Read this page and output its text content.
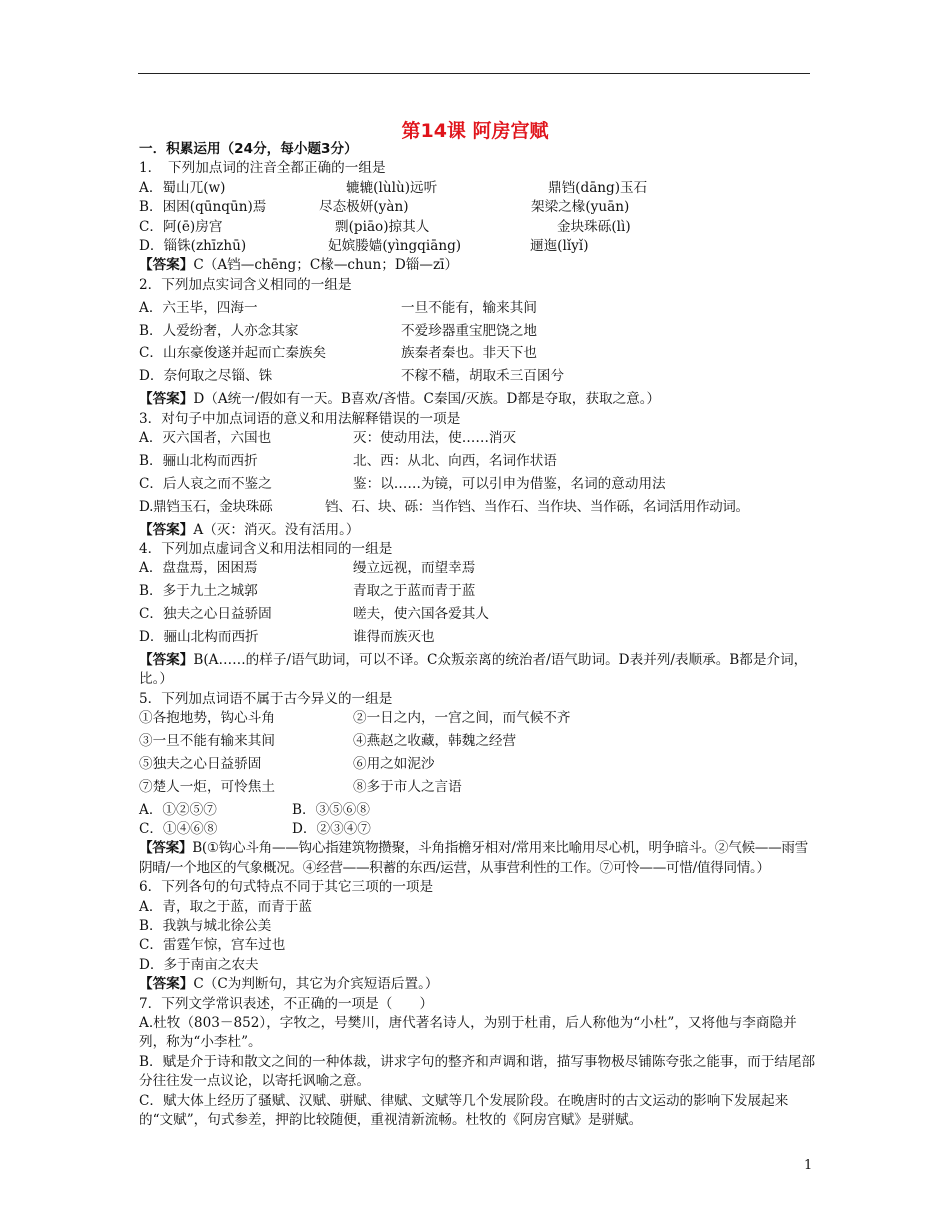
第14课 阿房宫赋
一．积累运用（24分，每小题3分）
1．　下列加点词的注音全都正确的一组是
A．蜀山兀(w)	辘辘(lùlù)远听	鼎铛(dāng)玉石
B．困困(qūnqūn)焉	尽态极妍(yàn)	架梁之椽(yuān)
C．阿(ē)房宫	剽(piāo)掠其人	金块珠砾(lì)
D．锱铢(zhīzhū)	妃嫔媵嫱(yìngqiāng)	逦迤(lǐyǐ)
【答案】C（A铛—chēng；C椽—chun；D锱—zī）
2．下列加点实词含义相同的一组是
A．六王毕，四海一	一旦不能有，输来其间
B．人爱纷奢，人亦念其家	不爱珍器重宝肥饶之地
C．山东豪俊遂并起而亡秦族矣	族秦者秦也。非天下也
D．奈何取之尽锱、铢	不稼不穑，胡取禾三百囷兮
【答案】D（A统一/假如有一天。B喜欢/吝惜。C秦国/灭族。D都是夺取，获取之意。）
3．对句子中加点词语的意义和用法解释错误的一项是
A．灭六国者，六国也	灭：使动用法，使……消灭
B．骊山北构而西折	北、西：从北、向西，名词作状语
C．后人哀之而不鉴之	鉴：以……为镜，可以引申为借鉴，名词的意动用法
D.鼎铛玉石，金块珠砾	铛、石、块、砾：当作铛、当作石、当作块、当作砾，名词活用作动词。
【答案】A（灭：消灭。没有活用。）
4．下列加点虚词含义和用法相同的一组是
A．盘盘焉，困困焉	缦立远视，而望幸焉
B．多于九土之城郭	青取之于蓝而青于蓝
C．独夫之心日益骄固	嗟夫，使六国各爱其人
D．骊山北构而西折	谁得而族灭也
【答案】B(A……的样子/语气助词，可以不译。C众叛亲离的统治者/语气助词。D表并列/表顺承。B都是介词，比。）
5．下列加点词语不属于古今异义的一组是
①各抱地势，钩心斗角	②一日之内，一宫之间，而气候不齐
③一旦不能有输来其间	④燕赵之收藏，韩魏之经营
⑤独夫之心日益骄固	⑥用之如泥沙
⑦楚人一炬，可怜焦土	⑧多于市人之言语
A．①②⑤⑦	B．③⑤⑥⑧
C．①④⑥⑧	D．②③④⑦
【答案】B(①钩心斗角——钩心指建筑物攒聚，斗角指檐牙相对/常用来比喻用尽心机，明争暗斗。②气候——雨雪阴晴/一个地区的气象概况。④经营——积蓄的东西/运营，从事营利性的工作。⑦可怜——可惜/值得同情。）
6．下列各句的句式特点不同于其它三项的一项是
A．青，取之于蓝，而青于蓝
B．我孰与城北徐公美
C．雷霆乍惊，宫车过也
D．多于南亩之农夫
【答案】C（C为判断句，其它为介宾短语后置。）
7．下列文学常识表述，不正确的一项是（　　）
A.杜牧（803－852），字牧之，号樊川，唐代著名诗人，为别于杜甫，后人称他为“小杜”，又将他与李商隐并列，称为“小李杜”。
B．赋是介于诗和散文之间的一种体裁，讲求字句的整齐和声调和谐，描写事物极尽铺陈夸张之能事，而于结尾部分往往发一点议论，以寄托讽喻之意。
C．赋大体上经历了骚赋、汉赋、骈赋、律赋、文赋等几个发展阶段。在晚唐时的古文运动的影响下发展起来的“文赋”，句式参差，押韵比较随便，重视清新流畅。杜牧的《阿房宫赋》是骈赋。
1
